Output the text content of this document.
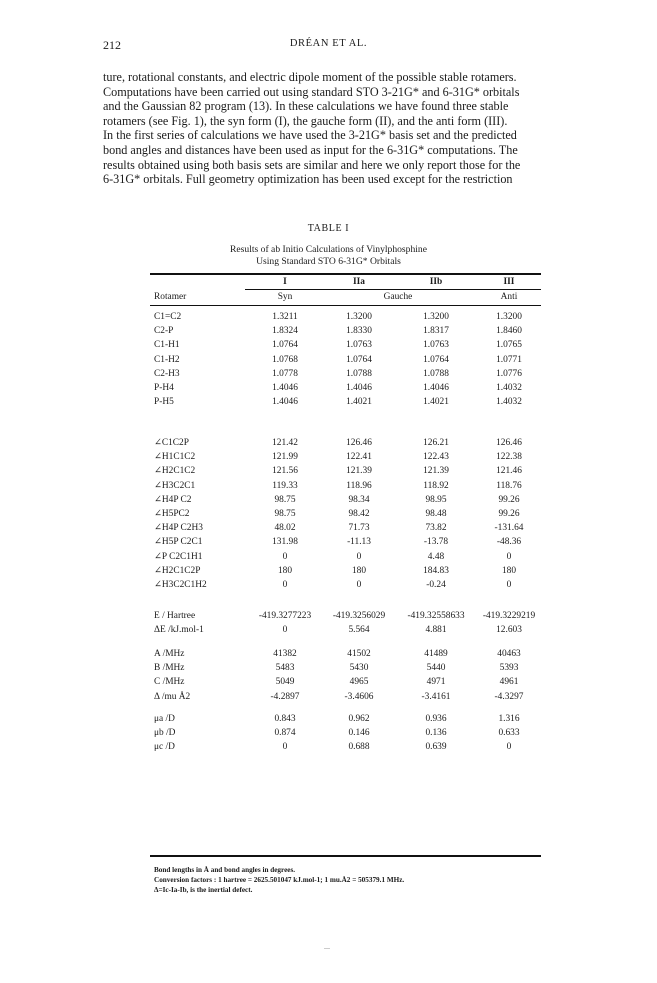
212	DRÉAN ET AL.
ture, rotational constants, and electric dipole moment of the possible stable rotamers.
Computations have been carried out using standard STO 3-21G* and 6-31G* orbitals
and the Gaussian 82 program (13). In these calculations we have found three stable
rotamers (see Fig. 1), the syn form (I), the gauche form (II), and the anti form (III).
In the first series of calculations we have used the 3-21G* basis set and the predicted
bond angles and distances have been used as input for the 6-31G* computations. The
results obtained using both basis sets are similar and here we only report those for the
6-31G* orbitals. Full geometry optimization has been used except for the restriction
TABLE I
Results of ab Initio Calculations of Vinylphosphine
Using Standard STO 6-31G* Orbitals
I	IIa	IIb	III
Rotamer	Syn	Gauche	Anti
C1=C2	1.3211	1.3200	1.3200	1.3200
C2-P	1.8324	1.8330	1.8317	1.8460
C1-H1	1.0764	1.0763	1.0763	1.0765
C1-H2	1.0768	1.0764	1.0764	1.0771
C2-H3	1.0778	1.0788	1.0788	1.0776
P-H4	1.4046	1.4046	1.4046	1.4032
P-H5	1.4046	1.4021	1.4021	1.4032
∠C1C2P	121.42	126.46	126.21	126.46
∠H1C1C2	121.99	122.41	122.43	122.38
∠H2C1C2	121.56	121.39	121.39	121.46
∠H3C2C1	119.33	118.96	118.92	118.76
∠H4P C2	98.75	98.34	98.95	99.26
∠H5PC2	98.75	98.42	98.48	99.26
∠H4P C2H3	48.02	71.73	73.82	-131.64
∠H5P C2C1	131.98	-11.13	-13.78	-48.36
∠P C2C1H1	0	0	4.48	0
∠H2C1C2P	180	180	184.83	180
∠H3C2C1H2	0	0	-0.24	0
E / Hartree	-419.3277223	-419.3256029	-419.32558633	-419.3229219
ΔE /kJ.mol-1	0	5.564	4.881	12.603
A /MHz	41382	41502	41489	40463
B /MHz	5483	5430	5440	5393
C /MHz	5049	4965	4971	4961
Δ /mu Å2	-4.2897	-3.4606	-3.4161	-4.3297
μa /D	0.843	0.962	0.936	1.316
μb /D	0.874	0.146	0.136	0.633
μc /D	0	0.688	0.639	0
Bond lengths in Å and bond angles in degrees.
Conversion factors : 1 hartree = 2625.501047 kJ.mol-1; 1 mu.Å2 = 505379.1 MHz.
Δ=Ic-Ia-Ib, is the inertial defect.
